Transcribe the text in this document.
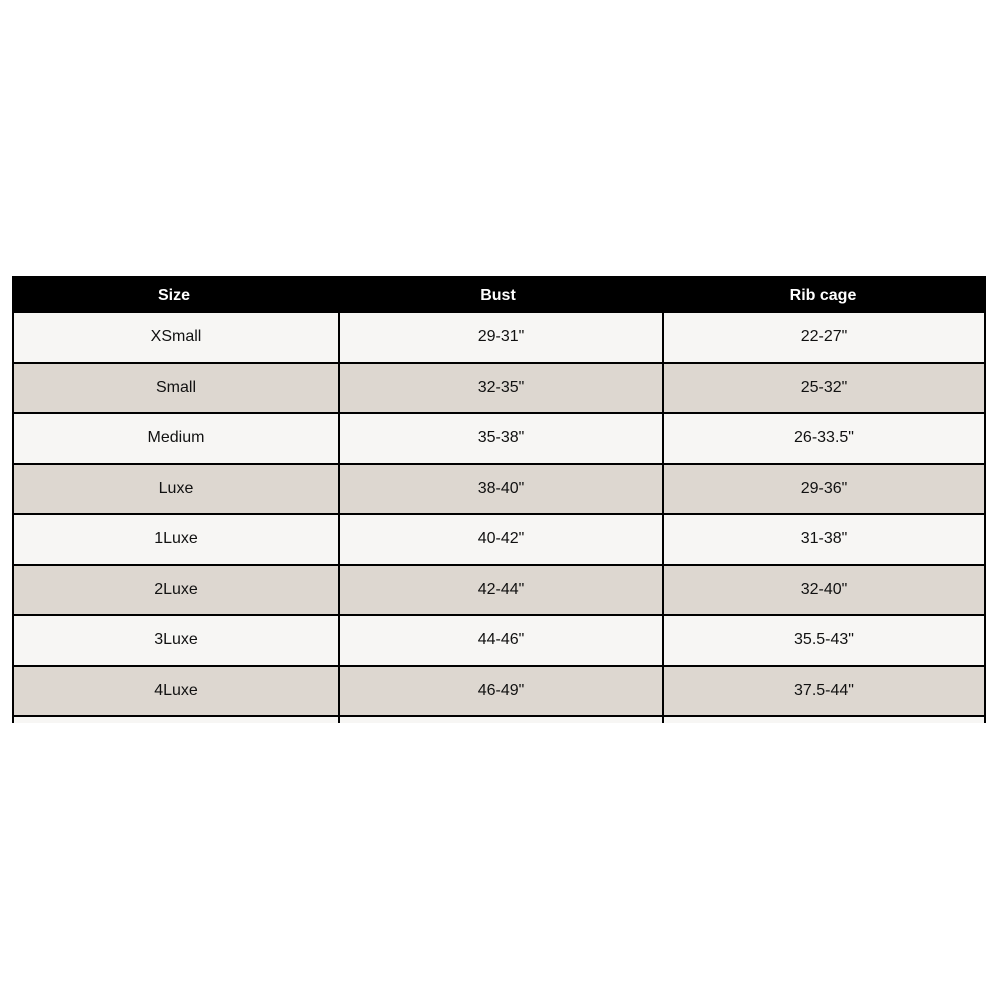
Size	Bust	Rib cage
XSmall	29-31"	22-27"
Small	32-35"	25-32"
Medium	35-38"	26-33.5"
Luxe	38-40"	29-36"
1Luxe	40-42"	31-38"
2Luxe	42-44"	32-40"
3Luxe	44-46"	35.5-43"
4Luxe	46-49"	37.5-44"
